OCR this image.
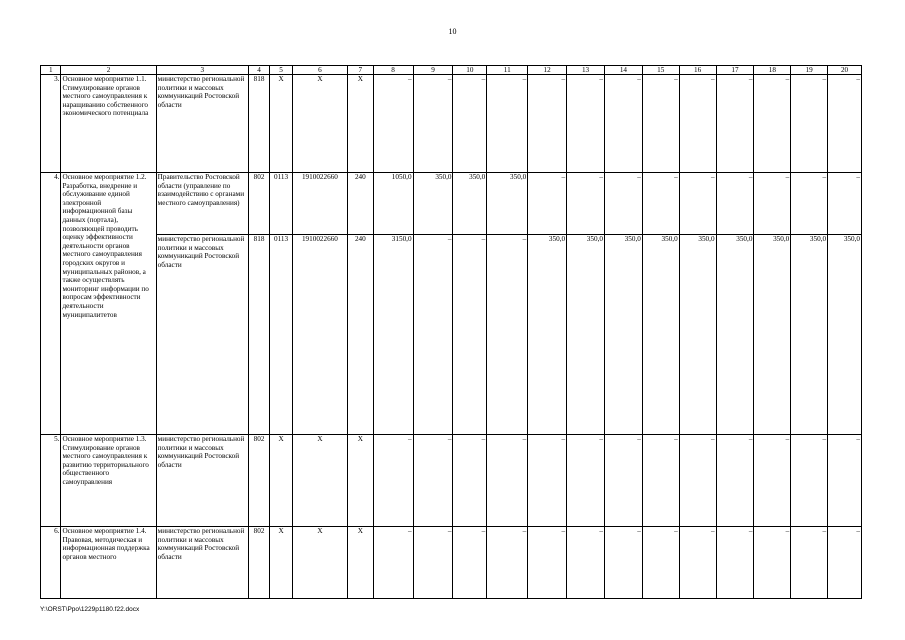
10
1	2	3	4	5	6	7	8	9	10	11	12	13	14	15	16	17	18	19	20
3.	Основное мероприятие 1.1. Стимулирование органов местного самоуправления к наращиванию собственного экономического потенциала	министерство региональной политики и массовых коммуникаций Ростовской области	818	Х	Х	Х	–	–	–	–	–	–	–	–	–	–	–	–	–
4.	Основное мероприятие 1.2. Разработка, внедрение и обслуживание единой электронной информационной базы данных (портала), позволяющей проводить оценку эффективности деятельности органов местного самоуправления городских округов и муниципальных районов, а также осуществлять мониторинг информации по вопросам эффективности деятельности муниципалитетов	Правительство Ростовской области (управление по взаимодействию с органами местного самоуправления)	802	0113	1910022660	240	1050,0	350,0	350,0	350,0	–	–	–	–	–	–	–	–	–
		министерство региональной политики и массовых коммуникаций Ростовской области	818	0113	1910022660	240	3150,0	–	–	–	350,0	350,0	350,0	350,0	350,0	350,0	350,0	350,0	350,0
5.	Основное мероприятие 1.3. Стимулирование органов местного самоуправления к развитию территориального общественного самоуправления	министерство региональной политики и массовых коммуникаций Ростовской области	802	Х	Х	Х	–	–	–	–	–	–	–	–	–	–	–	–	–
6.	Основное мероприятие 1.4. Правовая, методическая и информационная поддержка органов местного	министерство региональной политики и массовых коммуникаций Ростовской области	802	Х	Х	Х	–	–	–	–	–	–	–	–	–	–	–	–	–
Y:\ORST\Ppo\1229p1180.f22.docx
